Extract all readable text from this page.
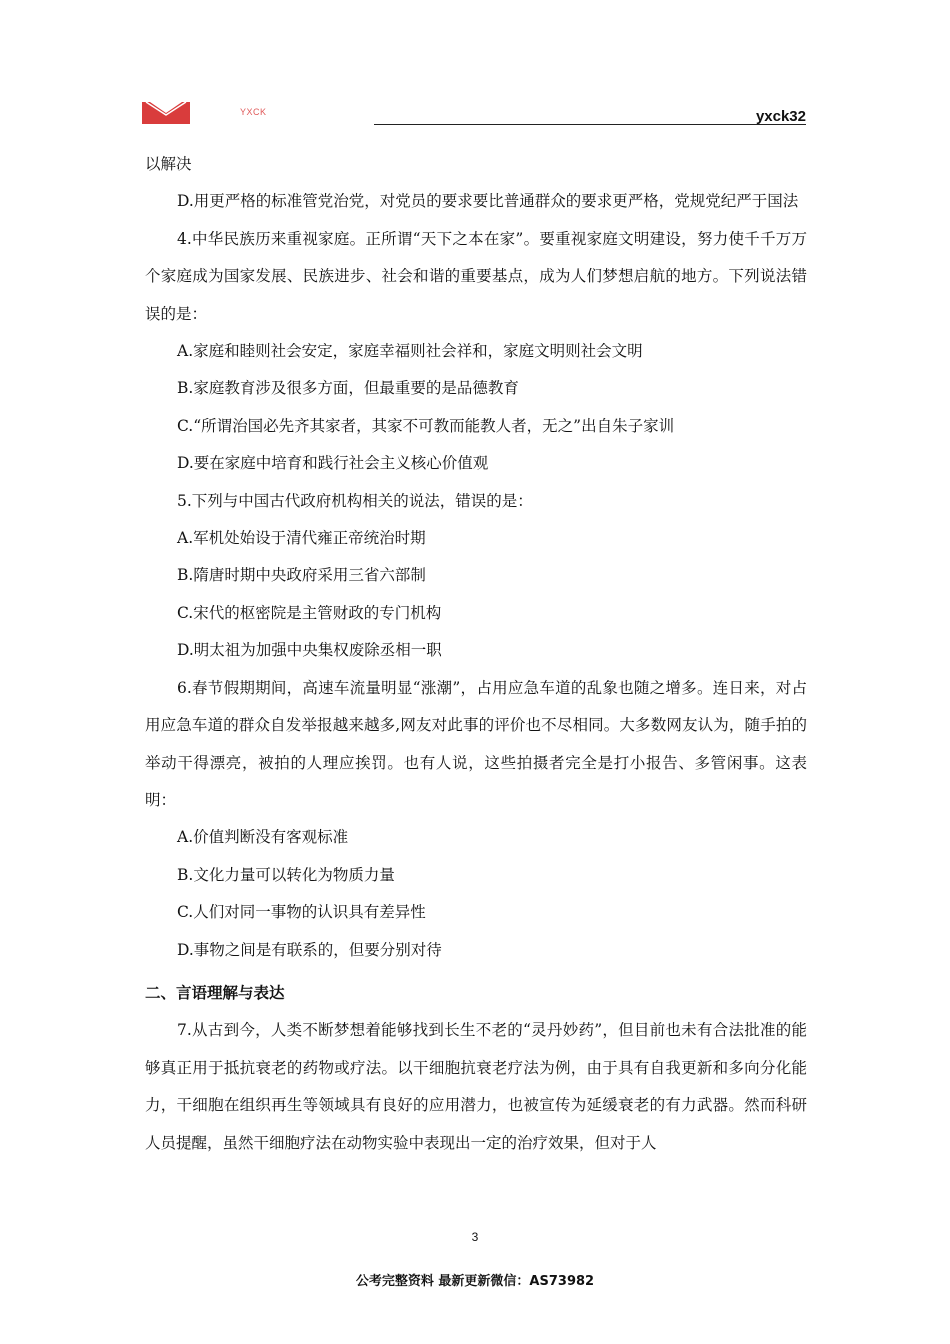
YXCK	yxck32

以解决

D.用更严格的标准管党治党，对党员的要求要比普通群众的要求更严格，党规党纪严于国法

4.中华民族历来重视家庭。正所谓“天下之本在家”。要重视家庭文明建设，努力使千千万万个家庭成为国家发展、民族进步、社会和谐的重要基点，成为人们梦想启航的地方。下列说法错误的是：

A.家庭和睦则社会安定，家庭幸福则社会祥和，家庭文明则社会文明

B.家庭教育涉及很多方面，但最重要的是品德教育

C.“所谓治国必先齐其家者，其家不可教而能教人者，无之”出自朱子家训

D.要在家庭中培育和践行社会主义核心价值观

5.下列与中国古代政府机构相关的说法，错误的是：

A.军机处始设于清代雍正帝统治时期

B.隋唐时期中央政府采用三省六部制

C.宋代的枢密院是主管财政的专门机构

D.明太祖为加强中央集权废除丞相一职

6.春节假期期间，高速车流量明显“涨潮”，占用应急车道的乱象也随之增多。连日来，对占用应急车道的群众自发举报越来越多,网友对此事的评价也不尽相同。大多数网友认为，随手拍的举动干得漂亮，被拍的人理应挨罚。也有人说，这些拍摄者完全是打小报告、多管闲事。这表明：

A.价值判断没有客观标准

B.文化力量可以转化为物质力量

C.人们对同一事物的认识具有差异性

D.事物之间是有联系的，但要分别对待

二、言语理解与表达

7.从古到今，人类不断梦想着能够找到长生不老的“灵丹妙药”，但目前也未有合法批准的能够真正用于抵抗衰老的药物或疗法。以干细胞抗衰老疗法为例，由于具有自我更新和多向分化能力，干细胞在组织再生等领域具有良好的应用潜力，也被宣传为延缓衰老的有力武器。然而科研人员提醒，虽然干细胞疗法在动物实验中表现出一定的治疗效果，但对于人

3
公考完整资料 最新更新微信：AS73982
